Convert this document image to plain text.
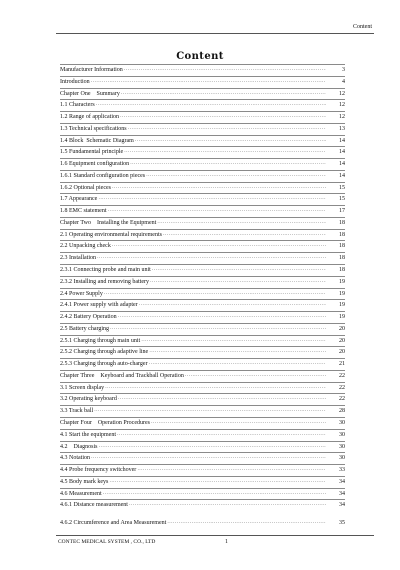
Content
Content
Manufacturer Information ·····	3
Introduction ·····	4
Chapter One    Summary ·····	12
1.1 Characters ·····	12
1.2 Range of application ·····	12
1.3 Technical specifications ·····	13
1.4 Block  Schematic Diagram ·····	14
1.5 Fundamental principle ·····	14
1.6 Equipment configuration ·····	14
1.6.1 Standard configuration pieces ·····	14
1.6.2 Optional pieces ·····	15
1.7 Appearance ·····	15
1.8 EMC statement ·····	17
Chapter Two    Installing the Equipment ·····	18
2.1 Operating environmental requirements ·····	18
2.2 Unpacking check ·····	18
2.3 Installation ·····	18
2.3.1 Connecting probe and main unit ·····	18
2.3.2 Installing and removing battery ·····	19
2.4 Power Supply ·····	19
2.4.1 Power supply with adapter ·····	19
2.4.2 Battery Operation ·····	19
2.5 Battery charging ·····	20
2.5.1 Charging through main unit ·····	20
2.5.2 Charging through adaptive line ·····	20
2.5.3 Charging through auto-charger ·····	21
Chapter Three    Keyboard and Trackball Operation ·····	22
3.1 Screen display ·····	22
3.2 Operating keyboard ·····	22
3.3 Track ball ·····	28
Chapter Four    Operation Procedures ·····	30
4.1 Start the equipment ·····	30
4.2    Diagnosis ·····	30
4.3 Notation ·····	30
4.4 Probe frequency switchover ·····	33
4.5 Body mark keys ·····	34
4.6 Measurement ·····	34
4.6.1 Distance measurement ·····	34
4.6.2 Circumference and Area Measurement ·····	35
CONTEC MEDICAL SYSTEM , CO., LTD	1
